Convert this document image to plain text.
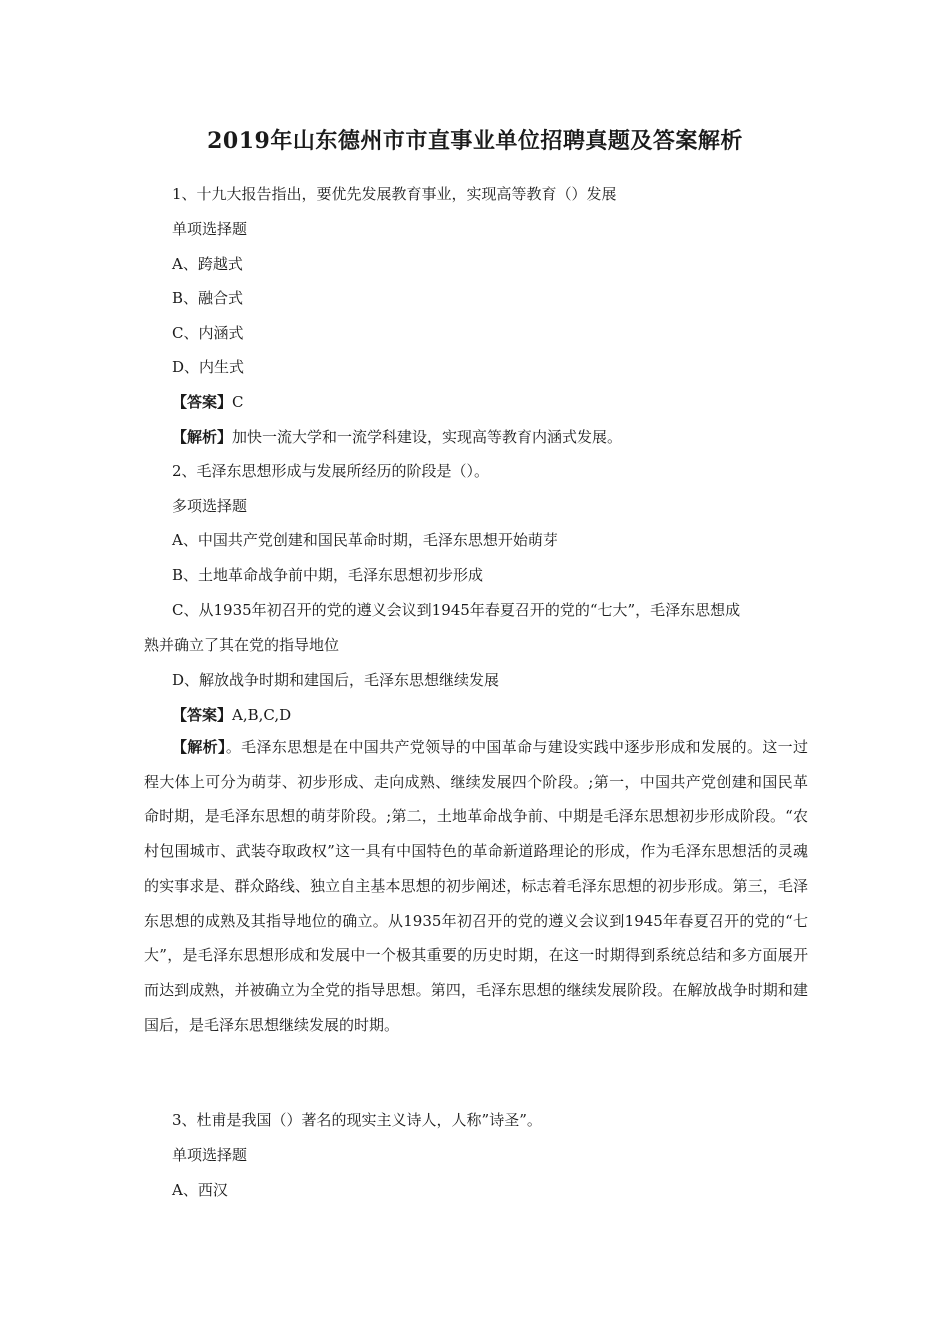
2019年山东德州市市直事业单位招聘真题及答案解析
1、十九大报告指出，要优先发展教育事业，实现高等教育（）发展
单项选择题
A、跨越式
B、融合式
C、内涵式
D、内生式
【答案】C
【解析】加快一流大学和一流学科建设，实现高等教育内涵式发展。
2、毛泽东思想形成与发展所经历的阶段是（）。
多项选择题
A、中国共产党创建和国民革命时期，毛泽东思想开始萌芽
B、土地革命战争前中期，毛泽东思想初步形成
C、从1935年初召开的党的遵义会议到1945年春夏召开的党的“七大”，毛泽东思想成
熟并确立了其在党的指导地位
D、解放战争时期和建国后，毛泽东思想继续发展
【答案】A,B,C,D
【解析】。毛泽东思想是在中国共产党领导的中国革命与建设实践中逐步形成和发展的。这一过程大体上可分为萌芽、初步形成、走向成熟、继续发展四个阶段。;第一，中国共产党创建和国民革命时期，是毛泽东思想的萌芽阶段。;第二，土地革命战争前、中期是毛泽东思想初步形成阶段。“农村包围城市、武装夺取政权”这一具有中国特色的革命新道路理论的形成，作为毛泽东思想活的灵魂的实事求是、群众路线、独立自主基本思想的初步阐述，标志着毛泽东思想的初步形成。第三，毛泽东思想的成熟及其指导地位的确立。从1935年初召开的党的遵义会议到1945年春夏召开的党的“七大”，是毛泽东思想形成和发展中一个极其重要的历史时期，在这一时期得到系统总结和多方面展开而达到成熟，并被确立为全党的指导思想。第四，毛泽东思想的继续发展阶段。在解放战争时期和建国后，是毛泽东思想继续发展的时期。
3、杜甫是我国（）著名的现实主义诗人，人称”诗圣”。
单项选择题
A、西汉
